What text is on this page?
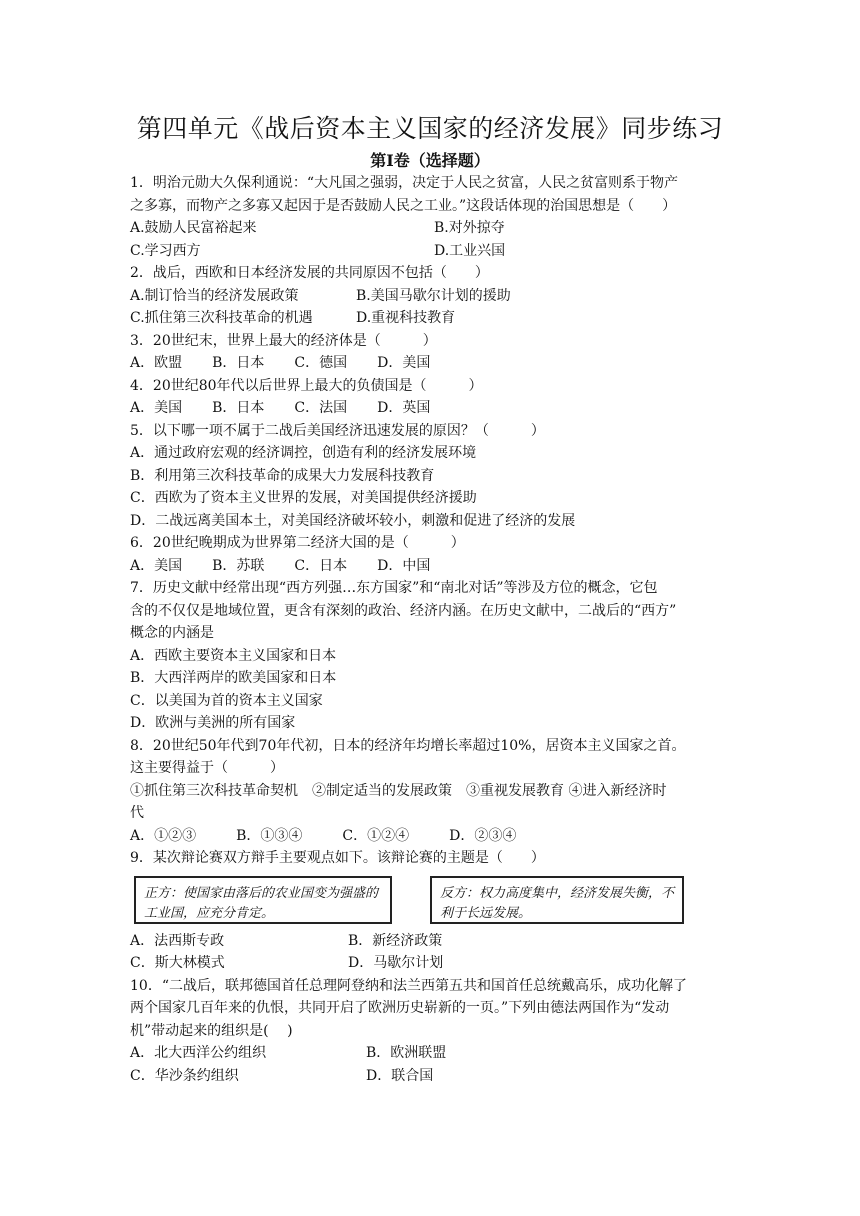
第四单元《战后资本主义国家的经济发展》同步练习
第Ⅰ卷（选择题）
1．明治元勋大久保利通说：“大凡国之强弱，决定于人民之贫富，人民之贫富则系于物产
之多寡，而物产之多寡又起因于是否鼓励人民之工业。”这段话体现的治国思想是（　　）
A.鼓励人民富裕起来	B.对外掠夺
C.学习西方	D.工业兴国
2．战后，西欧和日本经济发展的共同原因不包括（　　）
A.制订恰当的经济发展政策	B.美国马歇尔计划的援助
C.抓住第三次科技革命的机遇	D.重视科技教育
3．20世纪末，世界上最大的经济体是（　　　）
A．欧盟 B．日本 C．德国 D．美国
4．20世纪80年代以后世界上最大的负债国是（　　　）
A．美国 B．日本 C．法国 D．英国
5．以下哪一项不属于二战后美国经济迅速发展的原因？（　　　）
A．通过政府宏观的经济调控，创造有利的经济发展环境
B．利用第三次科技革命的成果大力发展科技教育
C．西欧为了资本主义世界的发展，对美国提供经济援助
D．二战远离美国本土，对美国经济破坏较小，刺激和促进了经济的发展
6．20世纪晚期成为世界第二经济大国的是（　　　）
A．美国 B．苏联 C．日本 D．中国
7．历史文献中经常出现“西方列强…东方国家”和“南北对话”等涉及方位的概念，它包
含的不仅仅是地域位置，更含有深刻的政治、经济内涵。在历史文献中，二战后的“西方”
概念的内涵是
A．西欧主要资本主义国家和日本
B．大西洋两岸的欧美国家和日本
C．以美国为首的资本主义国家
D．欧洲与美洲的所有国家
8．20世纪50年代到70年代初，日本的经济年均增长率超过10%，居资本主义国家之首。
这主要得益于（　　　）
①抓住第三次科技革命契机　②制定适当的发展政策　③重视发展教育 ④进入新经济时
代
A．①②③	B．①③④	C．①②④	D．②③④
9．某次辩论赛双方辩手主要观点如下。该辩论赛的主题是（　　）
正方：使国家由落后的农业国变为强盛的工业国，应充分肯定。
反方：权力高度集中，经济发展失衡，不利于长远发展。
A．法西斯专政	B．新经济政策
C．斯大林模式	D．马歇尔计划
10．“二战后，联邦德国首任总理阿登纳和法兰西第五共和国首任总统戴高乐，成功化解了
两个国家几百年来的仇恨，共同开启了欧洲历史崭新的一页。”下列由德法两国作为“发动
机”带动起来的组织是(　 )
A．北大西洋公约组织	B．欧洲联盟
C．华沙条约组织	D．联合国
